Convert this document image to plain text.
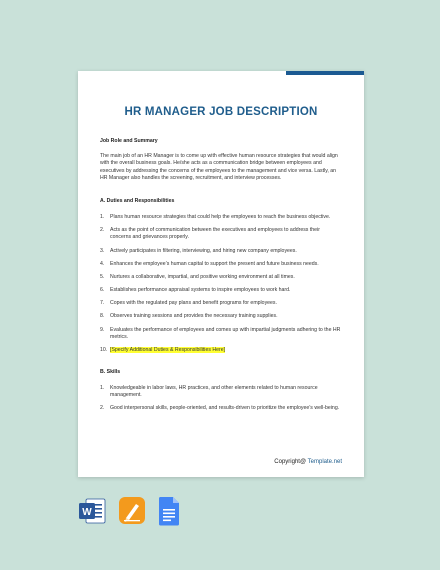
HR MANAGER JOB DESCRIPTION

Job Role and Summary

The main job of an HR Manager is to come up with effective human resource strategies that would align with the overall business goals. He/she acts as a communication bridge between employees and executives by addressing the concerns of the employees to the management and vice versa. Lastly, an HR Manager also handles the screening, recruitment, and interview processes.

A. Duties and Responsibilities

1.	Plans human resource strategies that could help the employees to reach the business objective.
2.	Acts as the point of communication between the executives and employees to address their concerns and grievances properly.
3.	Actively participates in filtering, interviewing, and hiring new company employees.
4.	Enhances the employee’s human capital to support the present and future business needs.
5.	Nurtures a collaborative, impartial, and positive working environment at all times.
6.	Establishes performance appraisal systems to inspire employees to work hard.
7.	Copes with the regulated pay plans and benefit programs for employees.
8.	Observes training sessions and provides the necessary training supplies.
9.	Evaluates the performance of employees and comes up with impartial judgments adhering to the HR metrics.
10. [Specify Additional Duties & Responsibilities Here]

B. Skills

1.	Knowledgeable in labor laws, HR practices, and other elements related to human resource management.
2.	Good interpersonal skills, people-oriented, and results-driven to prioritize the employee’s well-being.
Copyright@ Template.net
W
